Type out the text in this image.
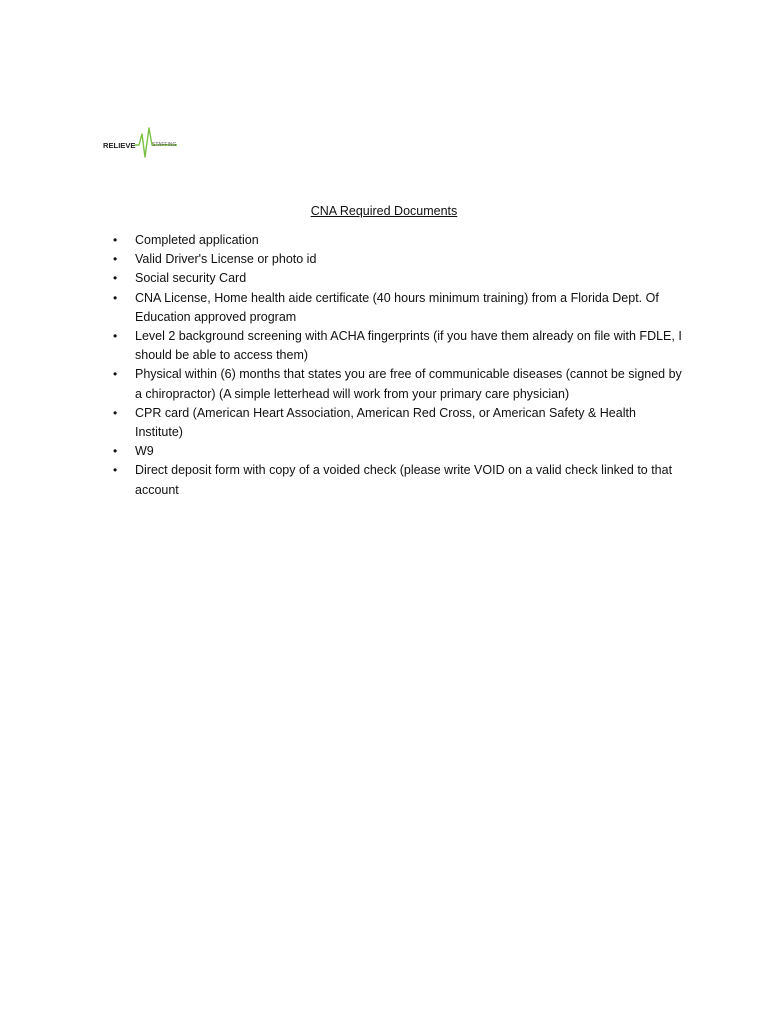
RELIEVE	STAFFING
CNA Required Documents
• Completed application
• Valid Driver's License or photo id
• Social security Card
• CNA License, Home health aide certificate (40 hours minimum training) from a Florida Dept. Of Education approved program
• Level 2 background screening with ACHA fingerprints (if you have them already on file with FDLE, I should be able to access them)
• Physical within (6) months that states you are free of communicable diseases (cannot be signed by a chiropractor) (A simple letterhead will work from your primary care physician)
• CPR card (American Heart Association, American Red Cross, or American Safety & Health Institute)
• W9
• Direct deposit form with copy of a voided check (please write VOID on a valid check linked to that account
